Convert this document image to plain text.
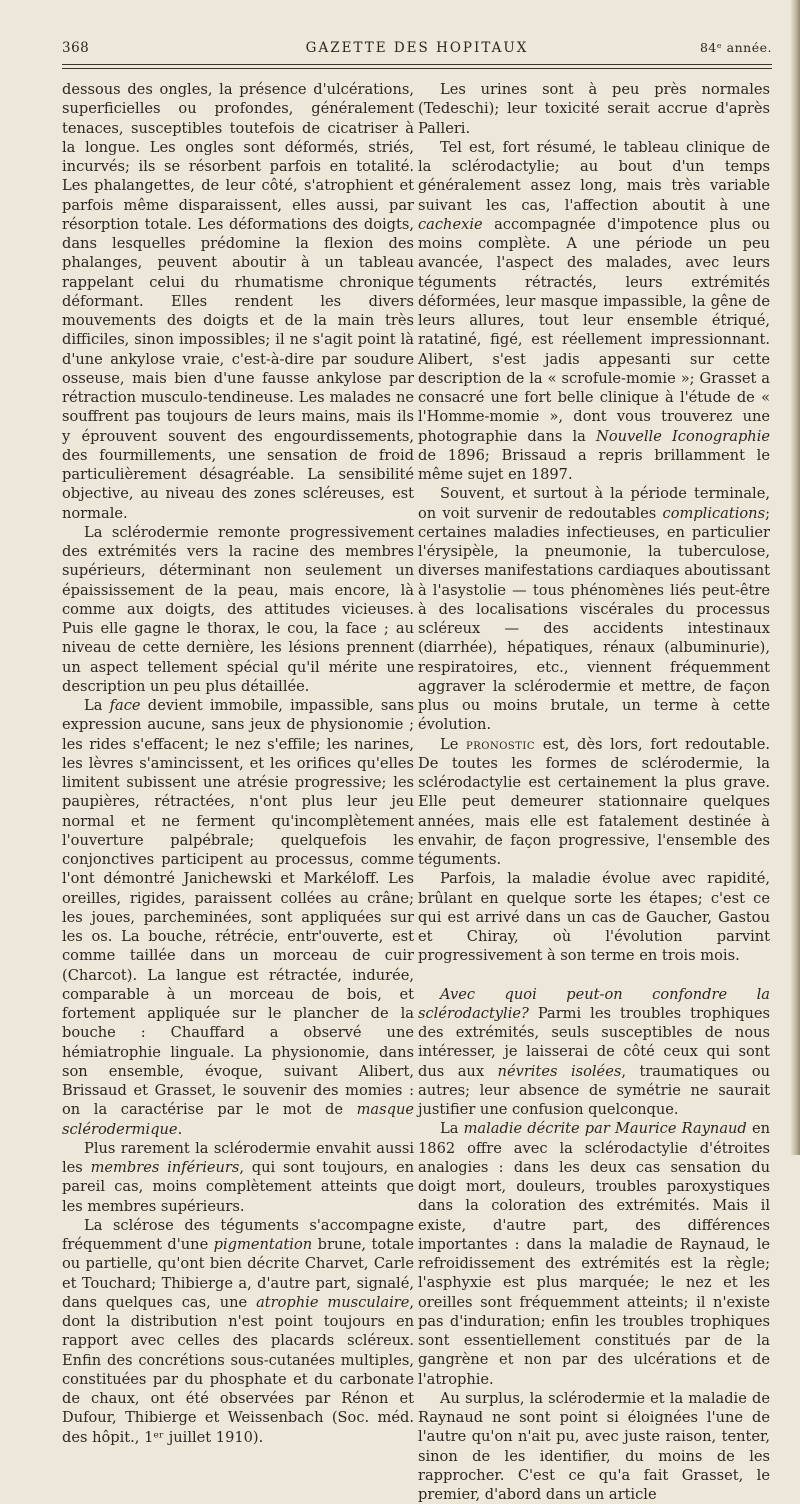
368	GAZETTE DES HOPITAUX	84ᵉ année.

dessous des ongles, la présence d'ulcérations, superficielles ou profondes, généralement tenaces, susceptibles toutefois de cicatriser à la longue. Les ongles sont déformés, striés, incurvés; ils se résorbent parfois en totalité. Les phalangettes, de leur côté, s'atrophient et parfois même disparaissent, elles aussi, par résorption totale. Les déformations des doigts, dans lesquelles prédomine la flexion des phalanges, peuvent aboutir à un tableau rappelant celui du rhumatisme chronique déformant. Elles rendent les divers mouvements des doigts et de la main très difficiles, sinon impossibles; il ne s'agit point là d'une ankylose vraie, c'est-à-dire par soudure osseuse, mais bien d'une fausse ankylose par rétraction musculo-tendineuse. Les malades ne souffrent pas toujours de leurs mains, mais ils y éprouvent souvent des engourdissements, des fourmillements, une sensation de froid particulièrement désagréable. La sensibilité objective, au niveau des zones scléreuses, est normale.

La sclérodermie remonte progressivement des extrémités vers la racine des membres supérieurs, déterminant non seulement un épaississement de la peau, mais encore, là comme aux doigts, des attitudes vicieuses. Puis elle gagne le thorax, le cou, la face ; au niveau de cette dernière, les lésions prennent un aspect tellement spécial qu'il mérite une description un peu plus détaillée.

La face devient immobile, impassible, sans expression aucune, sans jeux de physionomie ; les rides s'effacent; le nez s'effile; les narines, les lèvres s'amincissent, et les orifices qu'elles limitent subissent une atrésie progressive; les paupières, rétractées, n'ont plus leur jeu normal et ne ferment qu'incomplètement l'ouverture palpébrale; quelquefois les conjonctives participent au processus, comme l'ont démontré Janichewski et Markéloff. Les oreilles, rigides, paraissent collées au crâne; les joues, parcheminées, sont appliquées sur les os. La bouche, rétrécie, entr'ouverte, est comme taillée dans un morceau de cuir (Charcot). La langue est rétractée, indurée, comparable à un morceau de bois, et fortement appliquée sur le plancher de la bouche : Chauffard a observé une hémiatrophie linguale. La physionomie, dans son ensemble, évoque, suivant Alibert, Brissaud et Grasset, le souvenir des momies : on la caractérise par le mot de masque sclérodermique.

Plus rarement la sclérodermie envahit aussi les membres inférieurs, qui sont toujours, en pareil cas, moins complètement atteints que les membres supérieurs.

La sclérose des téguments s'accompagne fréquemment d'une pigmentation brune, totale ou partielle, qu'ont bien décrite Charvet, Carle et Touchard; Thibierge a, d'autre part, signalé, dans quelques cas, une atrophie musculaire, dont la distribution n'est point toujours en rapport avec celles des placards scléreux. Enfin des concrétions sous-cutanées multiples, constituées par du phosphate et du carbonate de chaux, ont été observées par Rénon et Dufour, Thibierge et Weissenbach (Soc. méd. des hôpit., 1ᵉʳ juillet 1910).

Les urines sont à peu près normales (Tedeschi); leur toxicité serait accrue d'après Palleri.

Tel est, fort résumé, le tableau clinique de la sclérodactylie; au bout d'un temps généralement assez long, mais très variable suivant les cas, l'affection aboutit à une cachexie accompagnée d'impotence plus ou moins complète. A une période un peu avancée, l'aspect des malades, avec leurs téguments rétractés, leurs extrémités déformées, leur masque impassible, la gêne de leurs allures, tout leur ensemble étriqué, ratatiné, figé, est réellement impressionnant. Alibert, s'est jadis appesanti sur cette description de la « scrofule-momie »; Grasset a consacré une fort belle clinique à l'étude de « l'Homme-momie », dont vous trouverez une photographie dans la Nouvelle Iconographie de 1896; Brissaud a repris brillamment le même sujet en 1897.

Souvent, et surtout à la période terminale, on voit survenir de redoutables complications; certaines maladies infectieuses, en particulier l'érysipèle, la pneumonie, la tuberculose, diverses manifestations cardiaques aboutissant à l'asystolie — tous phénomènes liés peut-être à des localisations viscérales du processus scléreux — des accidents intestinaux (diarrhée), hépatiques, rénaux (albuminurie), respiratoires, etc., viennent fréquemment aggraver la sclérodermie et mettre, de façon plus ou moins brutale, un terme à cette évolution.

Le pronostic est, dès lors, fort redoutable. De toutes les formes de sclérodermie, la sclérodactylie est certainement la plus grave. Elle peut demeurer stationnaire quelques années, mais elle est fatalement destinée à envahir, de façon progressive, l'ensemble des téguments.

Parfois, la maladie évolue avec rapidité, brûlant en quelque sorte les étapes; c'est ce qui est arrivé dans un cas de Gaucher, Gastou et Chiray, où l'évolution parvint progressivement à son terme en trois mois.

Avec quoi peut-on confondre la sclérodactylie? Parmi les troubles trophiques des extrémités, seuls susceptibles de nous intéresser, je laisserai de côté ceux qui sont dus aux névrites isolées, traumatiques ou autres; leur absence de symétrie ne saurait justifier une confusion quelconque.

La maladie décrite par Maurice Raynaud en 1862 offre avec la sclérodactylie d'étroites analogies : dans les deux cas sensation du doigt mort, douleurs, troubles paroxystiques dans la coloration des extrémités. Mais il existe, d'autre part, des différences importantes : dans la maladie de Raynaud, le refroidissement des extrémités est la règle; l'asphyxie est plus marquée; le nez et les oreilles sont fréquemment atteints; il n'existe pas d'induration; enfin les troubles trophiques sont essentiellement constitués par de la gangrène et non par des ulcérations et de l'atrophie.

Au surplus, la sclérodermie et la maladie de Raynaud ne sont point si éloignées l'une de l'autre qu'on n'ait pu, avec juste raison, tenter, sinon de les identifier, du moins de les rapprocher. C'est ce qu'a fait Grasset, le premier, d'abord dans un article
